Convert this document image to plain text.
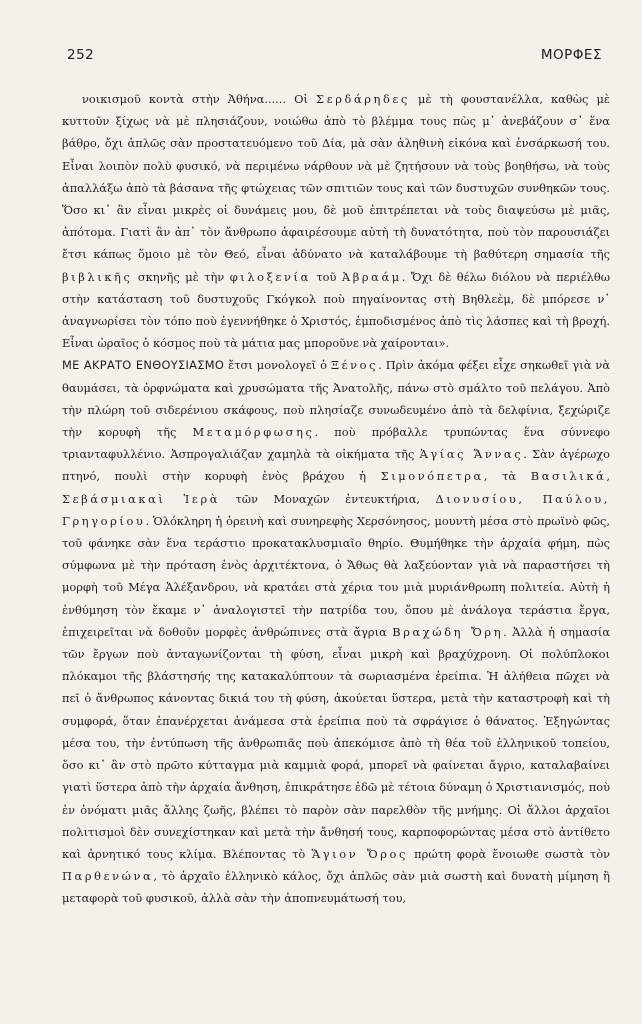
252	ΜΟΡΦΕΣ

νοικισμοῦ κοντὰ στὴν Ἀθήνα...... Οἱ Σερδάρηδες μὲ τὴ φουστανέλλα, καθὼς μὲ κυττοῦν ξίχως νὰ μὲ πλησιάζουν, νοιώθω ἀπὸ τὸ βλέμμα τους πὼς μ᾽ ἀνεβάζουν σ᾽ ἕνα βάθρο, ὄχι ἁπλῶς σὰν προστατευόμενο τοῦ Δία, μὰ σὰν ἀληθινὴ εἰκόνα καὶ ἐνσάρκωσή του. Εἶναι λοιπὸν πολὺ φυσικό, νὰ περιμένω νάρθουν νὰ μὲ ζητήσουν νὰ τοὺς βοηθήσω, νὰ τοὺς ἀπαλλάξω ἀπὸ τὰ βάσανα τῆς φτώχειας τῶν σπιτιῶν τους καὶ τῶν δυστυχῶν συνθηκῶν τους. Ὅσο κι᾽ ἂν εἶναι μικρὲς οἱ δυνάμεις μου, δὲ μοῦ ἐπιτρέπεται νὰ τοὺς διαψεύσω μὲ μιᾶς, ἀπότομα. Γιατὶ ἂν ἀπ᾽ τὸν ἄνθρωπο ἀφαιρέσουμε αὐτὴ τὴ δυνατότητα, ποὺ τὸν παρουσιάζει ἔτσι κάπως ὅμοιο μὲ τὸν Θεό, εἶναι ἀδύνατο νὰ καταλάβουμε τὴ βαθύτερη σημασία τῆς βιβλικῆς σκηνῆς μὲ τὴν φιλοξενία τοῦ Ἀβραάμ. Ὄχι δὲ θέλω διόλου νὰ περιέλθω στὴν κατάσταση τοῦ δυστυχοῦς Γκόγκολ ποὺ πηγαίνοντας στὴ Βηθλεὲμ, δὲ μπόρεσε ν᾽ ἀναγνωρίσει τὸν τόπο ποὺ ἐγεννήθηκε ὁ Χριστός, ἐμποδισμένος ἀπὸ τὶς λάσπες καὶ τὴ βροχή. Εἶναι ὡραῖος ὁ κόσμος ποὺ τὰ μάτια μας μποροῦνε νὰ χαίρονται».

ΜΕ ΑΚΡΑΤΟ ΕΝΘΟΥΣΙΑΣΜΟ ἔτσι μονολογεῖ ὁ Ξένος. Πρὶν ἀκόμα φέξει εἶχε σηκωθεῖ γιὰ νὰ θαυμάσει, τὰ ὀρφνώματα καὶ χρυσώματα τῆς Ἀνατολῆς, πάνω στὸ σμάλτο τοῦ πελάγου. Ἀπὸ τὴν πλώρη τοῦ σιδερένιου σκάφους, ποὺ πλησίαζε συνωδευμένο ἀπὸ τὰ δελφίνια, ξεχώριζε τὴν κορυφὴ τῆς Μεταμόρφωσης. ποὺ πρόβαλλε τρυπώντας ἕνα σύννεφο τριανταφυλλένιο. Ἀσπρογαλιάζαν χαμηλὰ τὰ οἰκήματα τῆς Ἁγίας Ἄννας. Σὰν ἀγέρωχο πτηνό, πουλὶ στὴν κορυφὴ ἑνὸς βράχου ἡ Σιμονόπετρα, τὰ Βασιλικά, Σεβάσμιακαὶ Ἱερὰ τῶν Μοναχῶν ἐντευκτήρια, Διονυσίου, Παύλου, Γρηγορίου. Ὁλόκληρη ἡ ὀρεινὴ καὶ συνηρεφὴς Χερσόνησος, μουντὴ μέσα στὸ πρωϊνὸ φῶς, τοῦ φάνηκε σὰν ἕνα τεράστιο προκατακλυσμιαῖο θηρίο. Θυμήθηκε τὴν ἀρχαία φήμη, πὼς σύμφωνα μὲ τὴν πρόταση ἑνὸς ἀρχιτέκτονα, ὁ Ἄθως θὰ λαξεύονταν γιὰ νὰ παραστήσει τὴ μορφὴ τοῦ Μέγα Ἀλέξανδρου, νὰ κρατάει στὰ χέρια του μιὰ μυριάνθρωπη πολιτεία. Αὐτὴ ἡ ἐνθύμηση τὸν ἔκαμε ν᾽ ἀναλογιστεῖ τὴν πατρίδα του, ὅπου μὲ ἀνάλογα τεράστια ἔργα, ἐπιχειρεῖται νὰ δοθοῦν μορφὲς ἀνθρώπινες στὰ ἄγρια Βραχώδη Ὄρη. Ἀλλὰ ἡ σημασία τῶν ἔργων ποὺ ἀνταγωνίζονται τὴ φύση, εἶναι μικρὴ καὶ βραχύχρονη. Οἱ πολύπλοκοι πλόκαμοι τῆς βλάστησής της κατακαλύπτουν τὰ σωριασμένα ἐρείπια. Ἡ ἀλήθεια πῶχει νὰ πεῖ ὁ ἄνθρωπος κάνοντας δικιά του τὴ φύση, ἀκούεται ὕστερα, μετὰ τὴν καταστροφὴ καὶ τὴ συμφορά, ὅταν ἐπανέρχεται ἀνάμεσα στὰ ἐρείπια ποὺ τὰ σφράγισε ὁ θάνατος. Ἐξηγώντας μέσα του, τὴν ἐντύπωση τῆς ἀνθρωπιᾶς ποὺ ἀπεκόμισε ἀπὸ τὴ θέα τοῦ ἑλληνικοῦ τοπείου, ὅσο κι᾽ ἂν στὸ πρῶτο κύτταγμα μιὰ καμμιὰ φορά, μπορεῖ νὰ φαίνεται ἄγριο, καταλαβαίνει γιατὶ ὕστερα ἀπὸ τὴν ἀρχαία ἄνθηση, ἐπικράτησε ἐδῶ μὲ τέτοια δύναμη ὁ Χριστιανισμός, ποὺ ἐν ὀνόματι μιᾶς ἄλλης ζωῆς, βλέπει τὸ παρὸν σὰν παρελθὸν τῆς μνήμης. Οἱ ἄλλοι ἀρχαῖοι πολιτισμοὶ δὲν συνεχίστηκαν καὶ μετὰ τὴν ἄνθησή τους, καρποφορώντας μέσα στὸ ἀντίθετο καὶ ἀρνητικό τους κλίμα. Βλέποντας τὸ Ἅγιον Ὄρος πρώτη φορὰ ἔνοιωθε σωστὰ τὸν Παρθενώνα, τὸ ἀρχαῖο ἑλληνικὸ κάλος, ὄχι ἁπλῶς σὰν μιὰ σωστὴ καὶ δυνατὴ μίμηση ἢ μεταφορὰ τοῦ φυσικοῦ, ἀλλὰ σὰν τὴν ἀποπνευμάτωσή του,
